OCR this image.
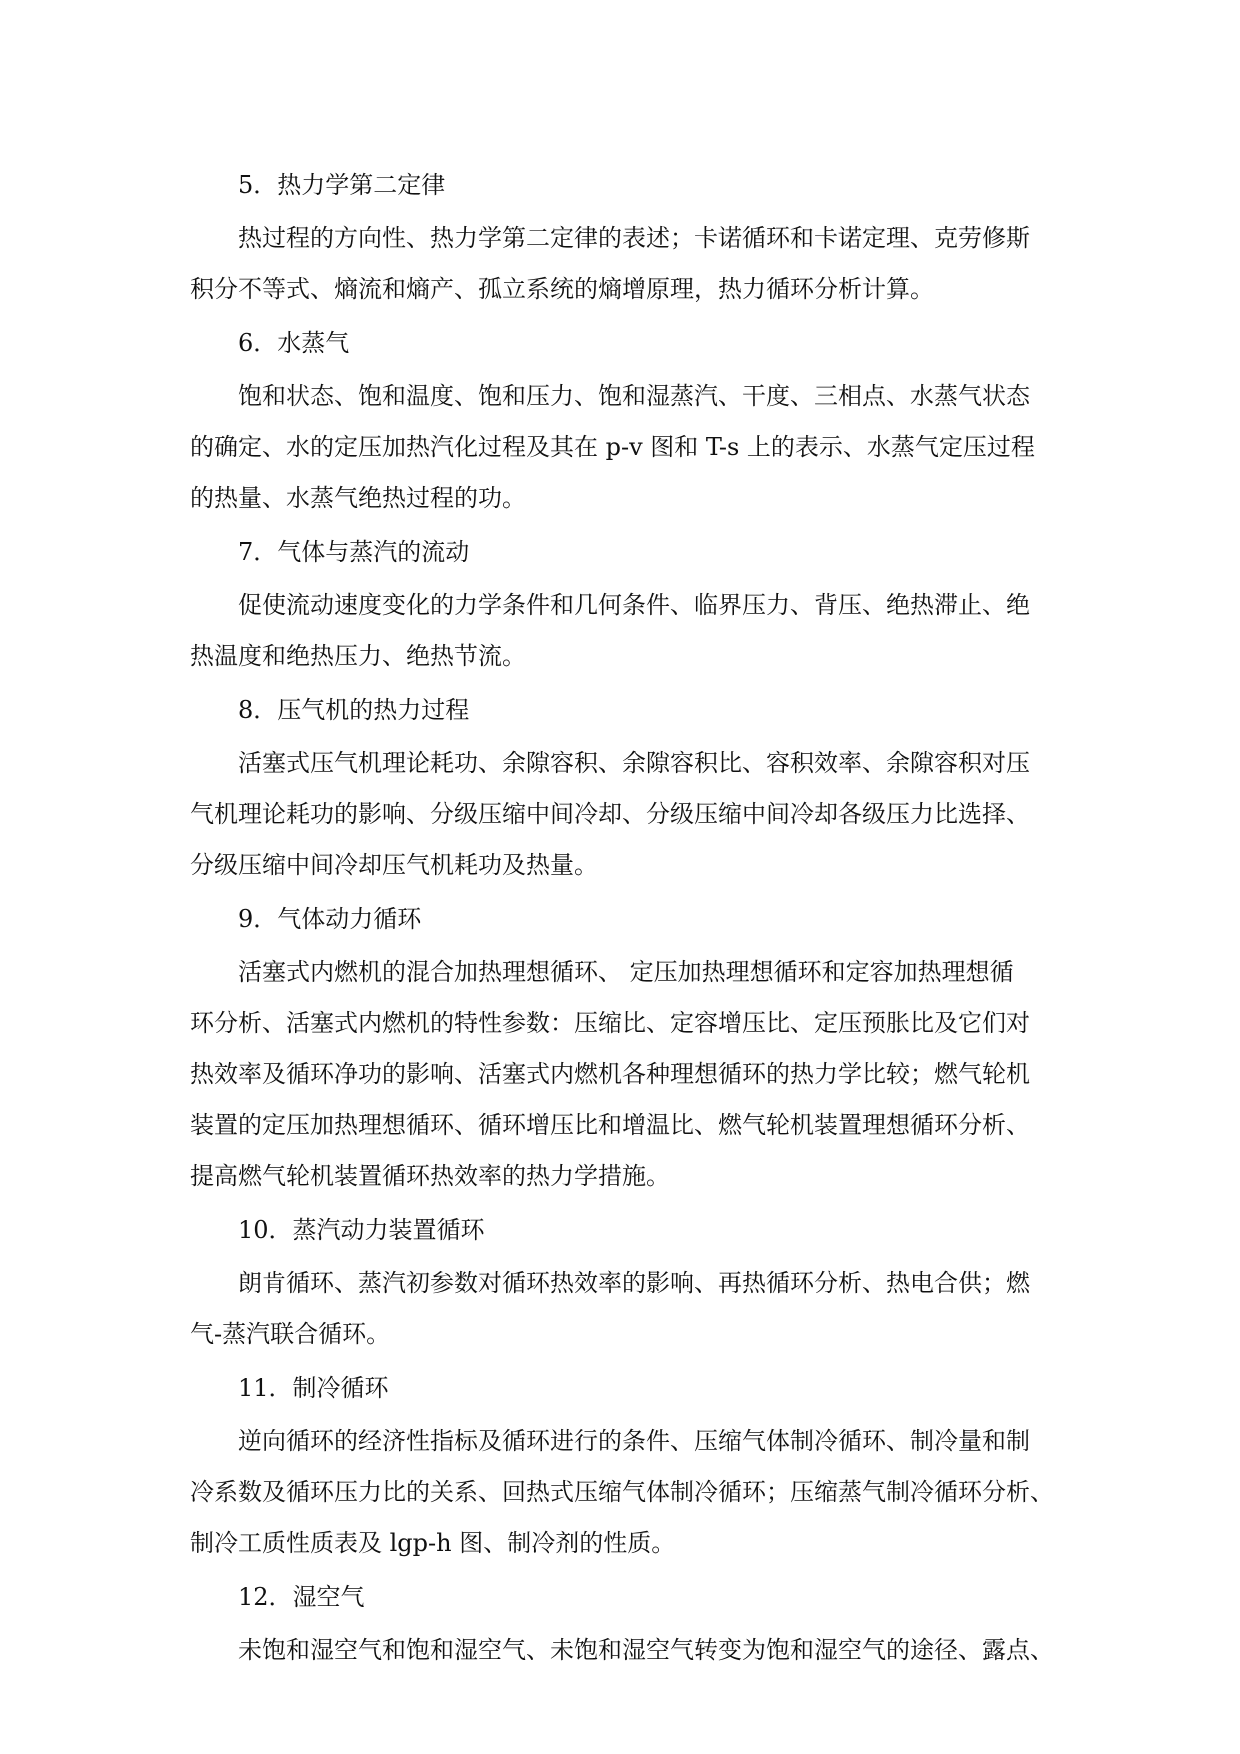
5．热力学第二定律
热过程的方向性、热力学第二定律的表述；卡诺循环和卡诺定理、克劳修斯
积分不等式、熵流和熵产、孤立系统的熵增原理，热力循环分析计算。
6．水蒸气
饱和状态、饱和温度、饱和压力、饱和湿蒸汽、干度、三相点、水蒸气状态
的确定、水的定压加热汽化过程及其在 p-v 图和 T-s 上的表示、水蒸气定压过程
的热量、水蒸气绝热过程的功。
7．气体与蒸汽的流动
促使流动速度变化的力学条件和几何条件、临界压力、背压、绝热滞止、绝
热温度和绝热压力、绝热节流。
8．压气机的热力过程
活塞式压气机理论耗功、余隙容积、余隙容积比、容积效率、余隙容积对压
气机理论耗功的影响、分级压缩中间冷却、分级压缩中间冷却各级压力比选择、
分级压缩中间冷却压气机耗功及热量。
9．气体动力循环
活塞式内燃机的混合加热理想循环、 定压加热理想循环和定容加热理想循
环分析、活塞式内燃机的特性参数：压缩比、定容增压比、定压预胀比及它们对
热效率及循环净功的影响、活塞式内燃机各种理想循环的热力学比较；燃气轮机
装置的定压加热理想循环、循环增压比和增温比、燃气轮机装置理想循环分析、
提高燃气轮机装置循环热效率的热力学措施。
10．蒸汽动力装置循环
朗肯循环、蒸汽初参数对循环热效率的影响、再热循环分析、热电合供；燃
气-蒸汽联合循环。
11．制冷循环
逆向循环的经济性指标及循环进行的条件、压缩气体制冷循环、制冷量和制
冷系数及循环压力比的关系、回热式压缩气体制冷循环；压缩蒸气制冷循环分析、
制冷工质性质表及 lgp-h 图、制冷剂的性质。
12．湿空气
未饱和湿空气和饱和湿空气、未饱和湿空气转变为饱和湿空气的途径、露点、
